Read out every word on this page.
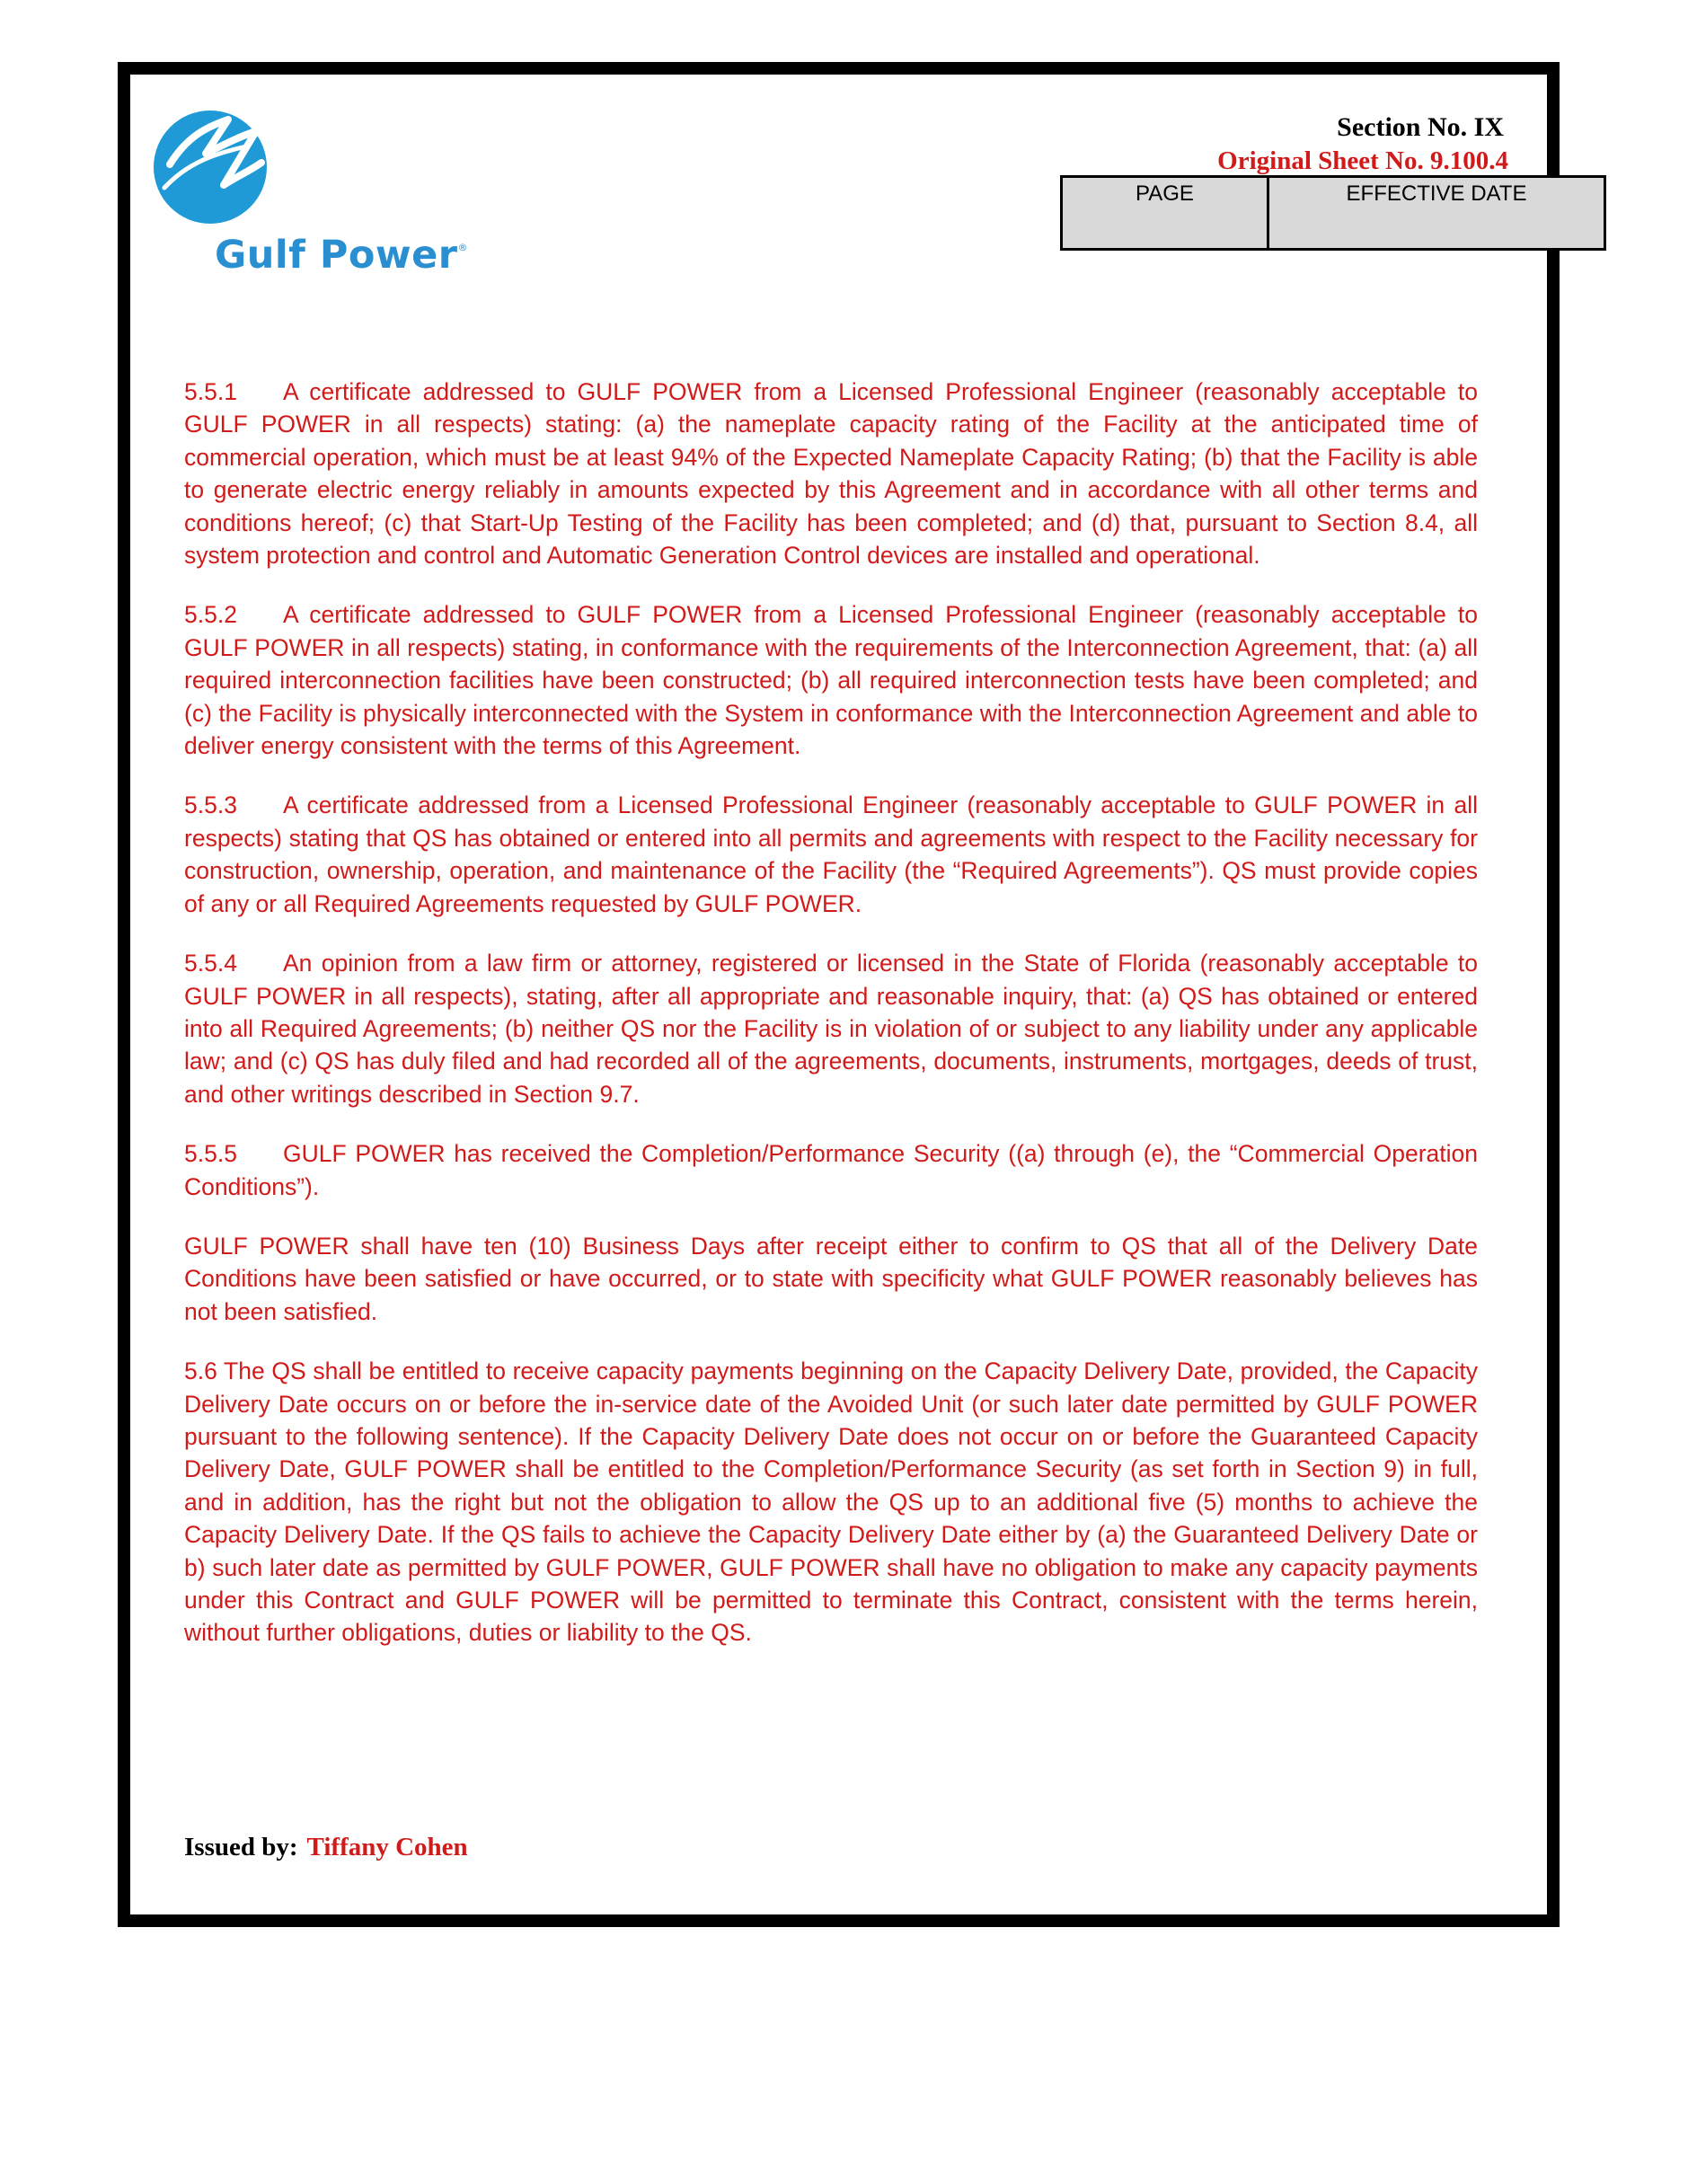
Gulf Power®
Section No. IX
Original Sheet No. 9.100.4
PAGE	EFFECTIVE DATE

5.5.1 A certificate addressed to GULF POWER from a Licensed Professional Engineer (reasonably acceptable to GULF POWER in all respects) stating: (a) the nameplate capacity rating of the Facility at the anticipated time of commercial operation, which must be at least 94% of the Expected Nameplate Capacity Rating; (b) that the Facility is able to generate electric energy reliably in amounts expected by this Agreement and in accordance with all other terms and conditions hereof; (c) that Start-Up Testing of the Facility has been completed; and (d) that, pursuant to Section 8.4, all system protection and control and Automatic Generation Control devices are installed and operational.

5.5.2 A certificate addressed to GULF POWER from a Licensed Professional Engineer (reasonably acceptable to GULF POWER in all respects) stating, in conformance with the requirements of the Interconnection Agreement, that: (a) all required interconnection facilities have been constructed; (b) all required interconnection tests have been completed; and (c) the Facility is physically interconnected with the System in conformance with the Interconnection Agreement and able to deliver energy consistent with the terms of this Agreement.

5.5.3 A certificate addressed from a Licensed Professional Engineer (reasonably acceptable to GULF POWER in all respects) stating that QS has obtained or entered into all permits and agreements with respect to the Facility necessary for construction, ownership, operation, and maintenance of the Facility (the “Required Agreements”). QS must provide copies of any or all Required Agreements requested by GULF POWER.

5.5.4 An opinion from a law firm or attorney, registered or licensed in the State of Florida (reasonably acceptable to GULF POWER in all respects), stating, after all appropriate and reasonable inquiry, that: (a) QS has obtained or entered into all Required Agreements; (b) neither QS nor the Facility is in violation of or subject to any liability under any applicable law; and (c) QS has duly filed and had recorded all of the agreements, documents, instruments, mortgages, deeds of trust, and other writings described in Section 9.7.

5.5.5 GULF POWER has received the Completion/Performance Security ((a) through (e), the “Commercial Operation Conditions”).

GULF POWER shall have ten (10) Business Days after receipt either to confirm to QS that all of the Delivery Date Conditions have been satisfied or have occurred, or to state with specificity what GULF POWER reasonably believes has not been satisfied.

5.6 The QS shall be entitled to receive capacity payments beginning on the Capacity Delivery Date, provided, the Capacity Delivery Date occurs on or before the in-service date of the Avoided Unit (or such later date permitted by GULF POWER pursuant to the following sentence). If the Capacity Delivery Date does not occur on or before the Guaranteed Capacity Delivery Date, GULF POWER shall be entitled to the Completion/Performance Security (as set forth in Section 9) in full, and in addition, has the right but not the obligation to allow the QS up to an additional five (5) months to achieve the Capacity Delivery Date. If the QS fails to achieve the Capacity Delivery Date either by (a) the Guaranteed Delivery Date or b) such later date as permitted by GULF POWER, GULF POWER shall have no obligation to make any capacity payments under this Contract and GULF POWER will be permitted to terminate this Contract, consistent with the terms herein, without further obligations, duties or liability to the QS.

Issued by: Tiffany Cohen
